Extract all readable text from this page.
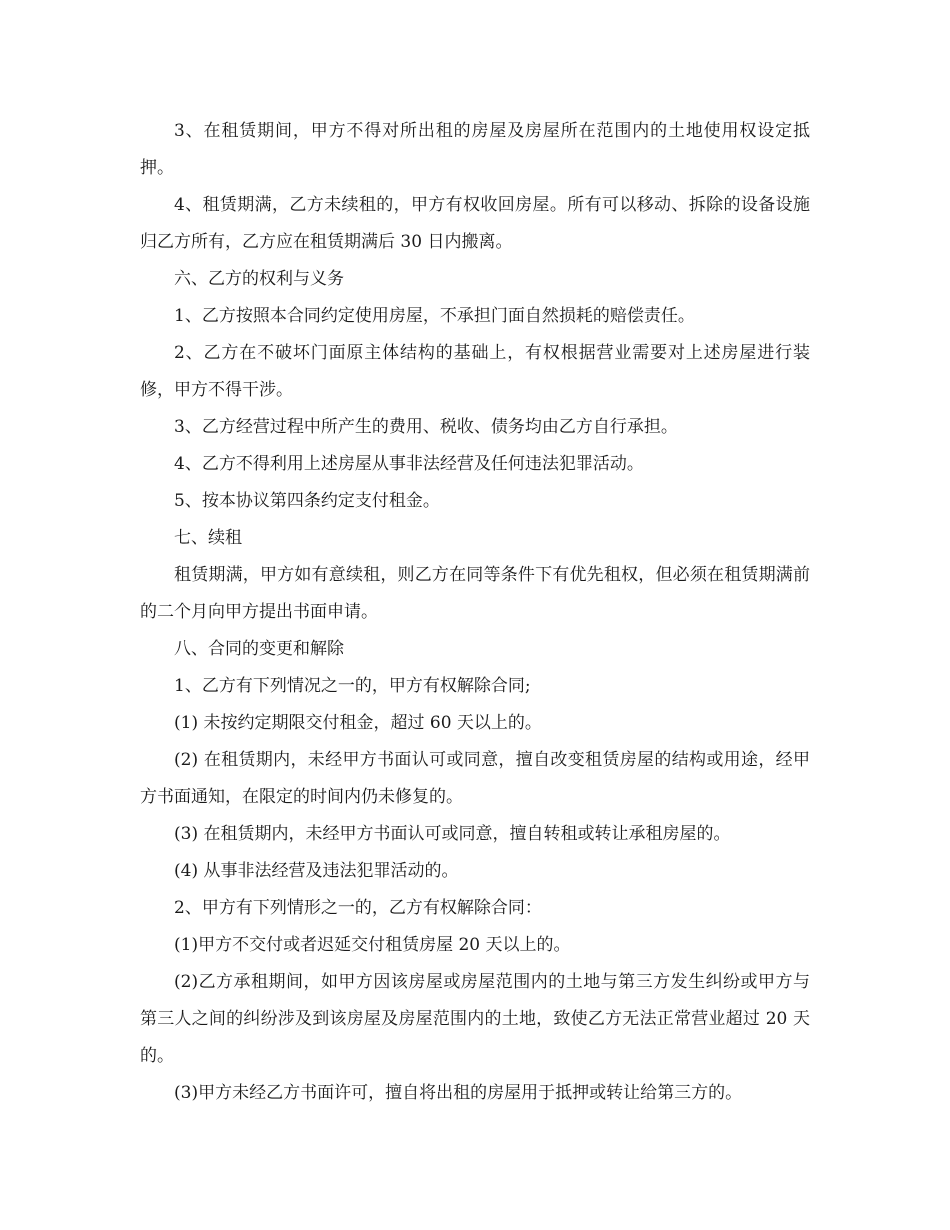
3、在租赁期间，甲方不得对所出租的房屋及房屋所在范围内的土地使用权设定抵押。

4、租赁期满，乙方未续租的，甲方有权收回房屋。所有可以移动、拆除的设备设施归乙方所有，乙方应在租赁期满后 30 日内搬离。

六、乙方的权利与义务

1、乙方按照本合同约定使用房屋，不承担门面自然损耗的赔偿责任。

2、乙方在不破坏门面原主体结构的基础上，有权根据营业需要对上述房屋进行装修，甲方不得干涉。

3、乙方经营过程中所产生的费用、税收、债务均由乙方自行承担。

4、乙方不得利用上述房屋从事非法经营及任何违法犯罪活动。

5、按本协议第四条约定支付租金。

七、续租

租赁期满，甲方如有意续租，则乙方在同等条件下有优先租权，但必须在租赁期满前的二个月向甲方提出书面申请。

八、合同的变更和解除

1、乙方有下列情况之一的，甲方有权解除合同;

(1) 未按约定期限交付租金，超过 60 天以上的。

(2) 在租赁期内，未经甲方书面认可或同意，擅自改变租赁房屋的结构或用途，经甲方书面通知，在限定的时间内仍未修复的。

(3) 在租赁期内，未经甲方书面认可或同意，擅自转租或转让承租房屋的。

(4) 从事非法经营及违法犯罪活动的。

2、甲方有下列情形之一的，乙方有权解除合同：

(1)甲方不交付或者迟延交付租赁房屋 20 天以上的。

(2)乙方承租期间，如甲方因该房屋或房屋范围内的土地与第三方发生纠纷或甲方与第三人之间的纠纷涉及到该房屋及房屋范围内的土地，致使乙方无法正常营业超过 20 天的。

(3)甲方未经乙方书面许可，擅自将出租的房屋用于抵押或转让给第三方的。
